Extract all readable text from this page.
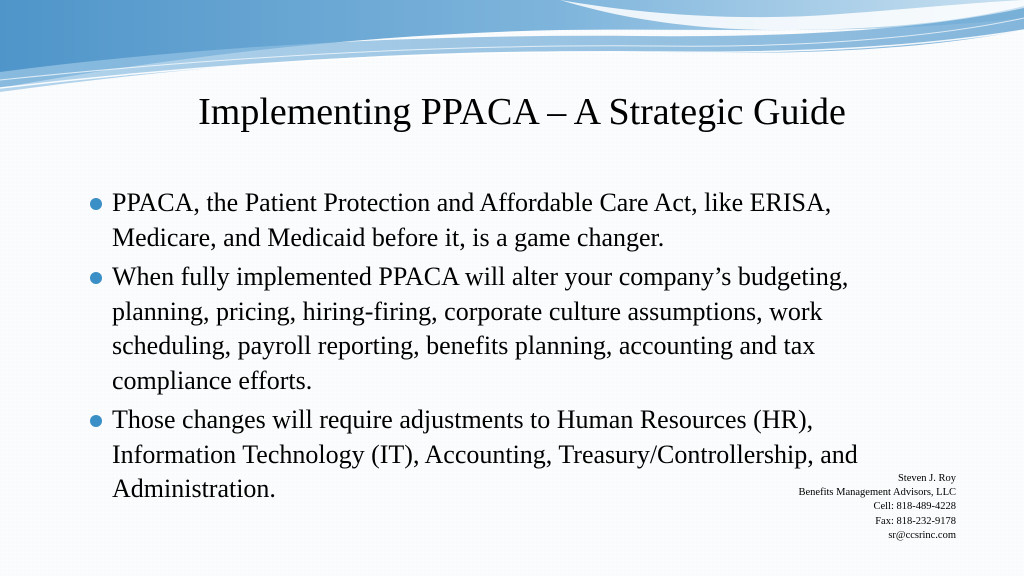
Implementing PPACA – A Strategic Guide
PPACA, the Patient Protection and Affordable Care Act, like ERISA, Medicare, and Medicaid before it, is a game changer.
When fully implemented PPACA will alter your company’s budgeting, planning, pricing, hiring-firing, corporate culture assumptions, work scheduling, payroll reporting, benefits planning, accounting and tax compliance efforts.
Those changes will require adjustments to Human Resources (HR), Information Technology (IT), Accounting, Treasury/Controllership, and Administration.	Steven J. Roy
Benefits Management Advisors, LLC
Cell: 818-489-4228
Fax: 818-232-9178
sr@ccsrinc.com
